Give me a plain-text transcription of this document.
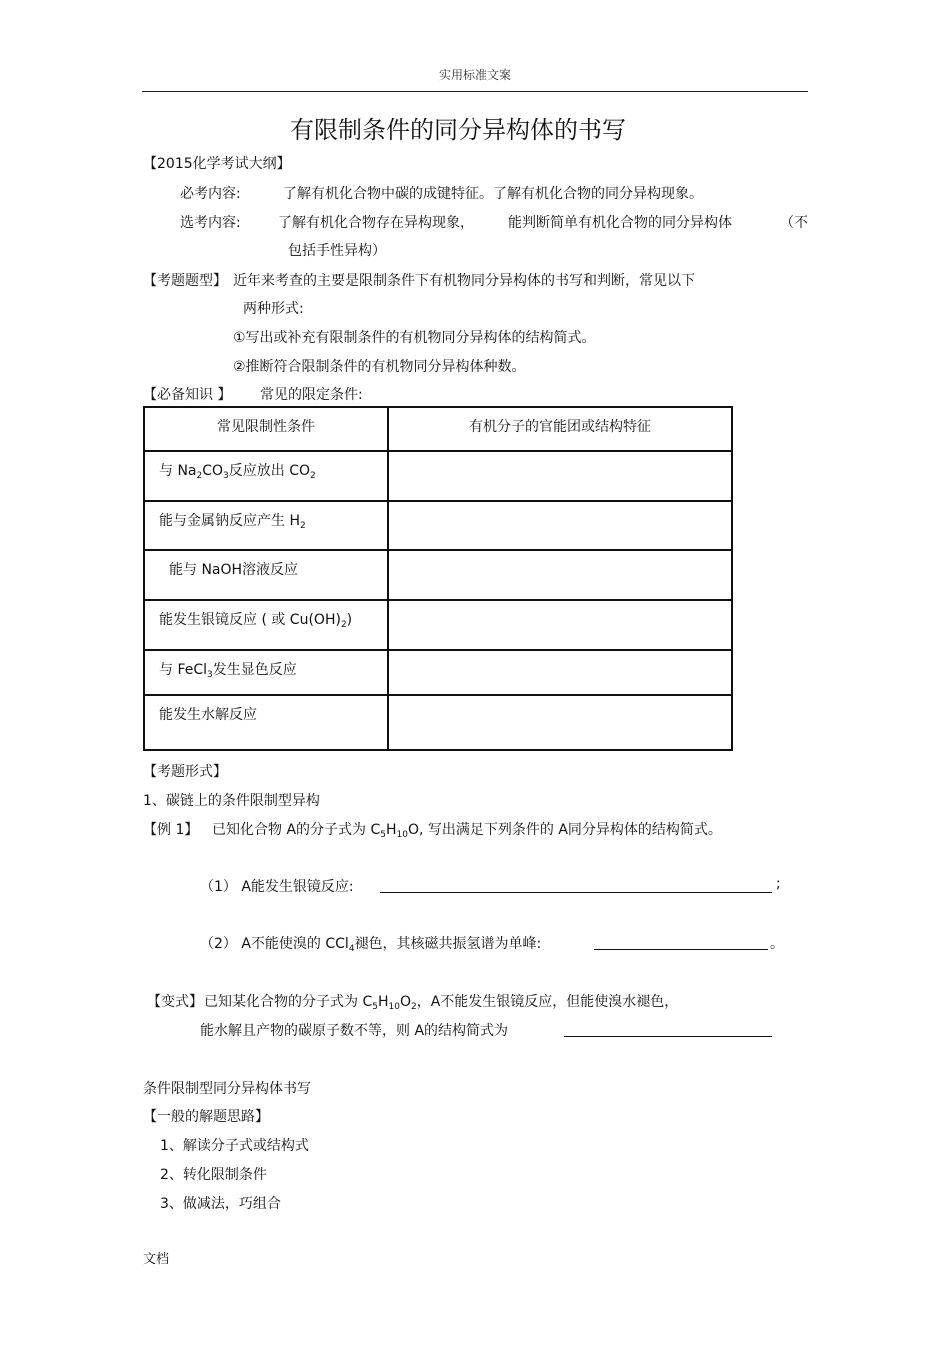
实用标准文案
有限制条件的同分异构体的书写
【2015化学考试大纲】
必考内容:	了解有机化合物中碳的成键特征。了解有机化合物的同分异构现象。
选考内容:	了解有机化合物存在异构现象， 能判断简单有机化合物的同分异构体	（不
包括手性异构）
【考题题型】 近年来考查的主要是限制条件下有机物同分异构体的书写和判断，常见以下
两种形式:
①写出或补充有限制条件的有机物同分异构体的结构简式。
②推断符合限制条件的有机物同分异构体种数。
【必备知识 】 常见的限定条件:
常见限制性条件	有机分子的官能团或结构特征
与 $Na_2CO_3$反应放出 $CO_2$	
能与金属钠反应产生 $H_2$	
能与 NaOH溶液反应	
能发生银镜反应 ( 或 $Cu(OH)_2$)	
与 FeCl$_3$发生显色反应	
能发生水解反应	
【考题形式】
1、碳链上的条件限制型异构
【例 1】 已知化合物 A的分子式为 $C_5H_{10}O$, 写出满足下列条件的 A同分异构体的结构简式。
（1） A能发生银镜反应:	;
（2） A不能使溴的 CCl$_4$褪色，其核磁共振氢谱为单峰:	。
【变式】 已知某化合物的分子式为 $C_5H_{10}O_2$，A不能发生银镜反应，但能使溴水褪色，
能水解且产物的碳原子数不等，则 A的结构简式为
条件限制型同分异构体书写
【一般的解题思路】
1、解读分子式或结构式
2、转化限制条件
3、做减法，巧组合
文档
